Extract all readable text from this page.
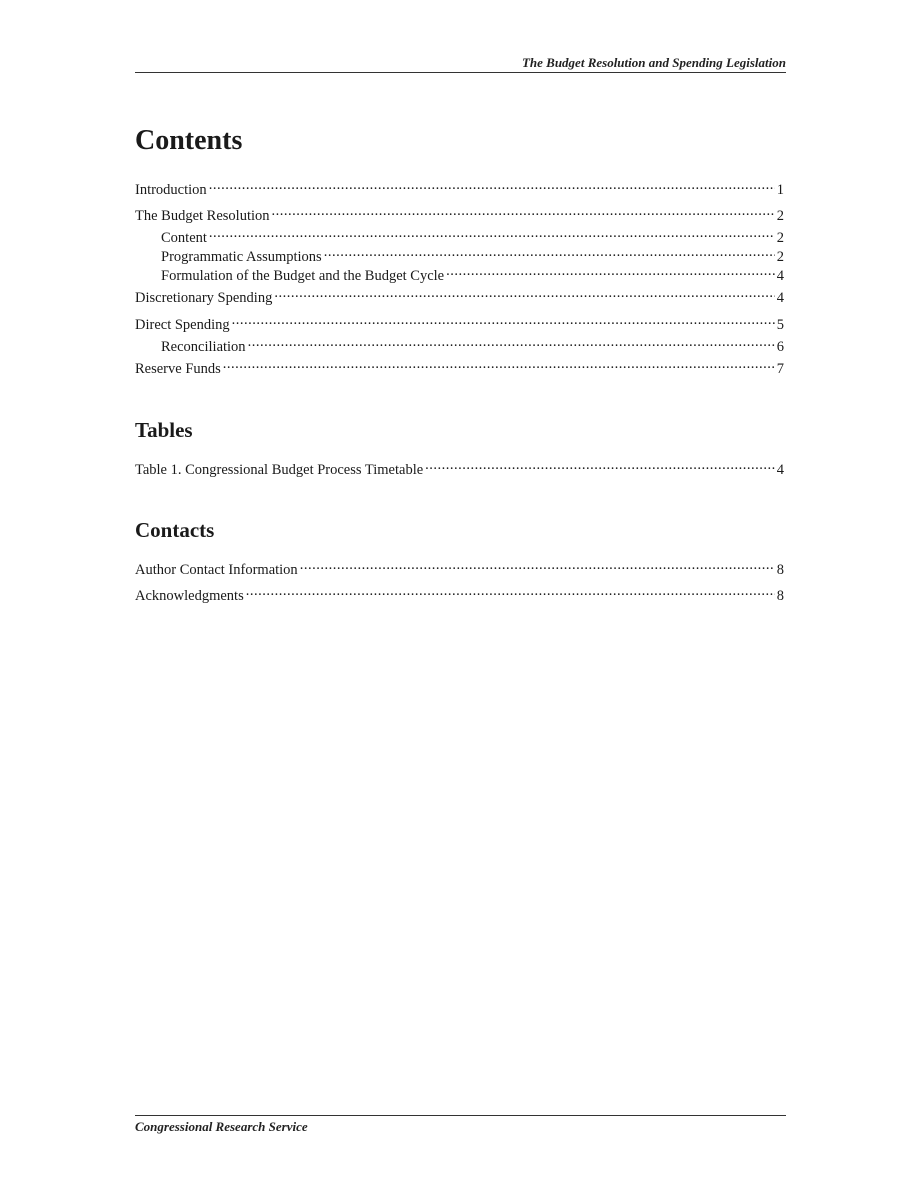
The Budget Resolution and Spending Legislation
Contents
Introduction .....	1
The Budget Resolution .....	2
Content .....	2
Programmatic Assumptions .....	2
Formulation of the Budget and the Budget Cycle .....	4
Discretionary Spending .....	4
Direct Spending .....	5
Reconciliation .....	6
Reserve Funds .....	7
Tables
Table 1. Congressional Budget Process Timetable .....	4
Contacts
Author Contact Information .....	8
Acknowledgments .....	8
Congressional Research Service
